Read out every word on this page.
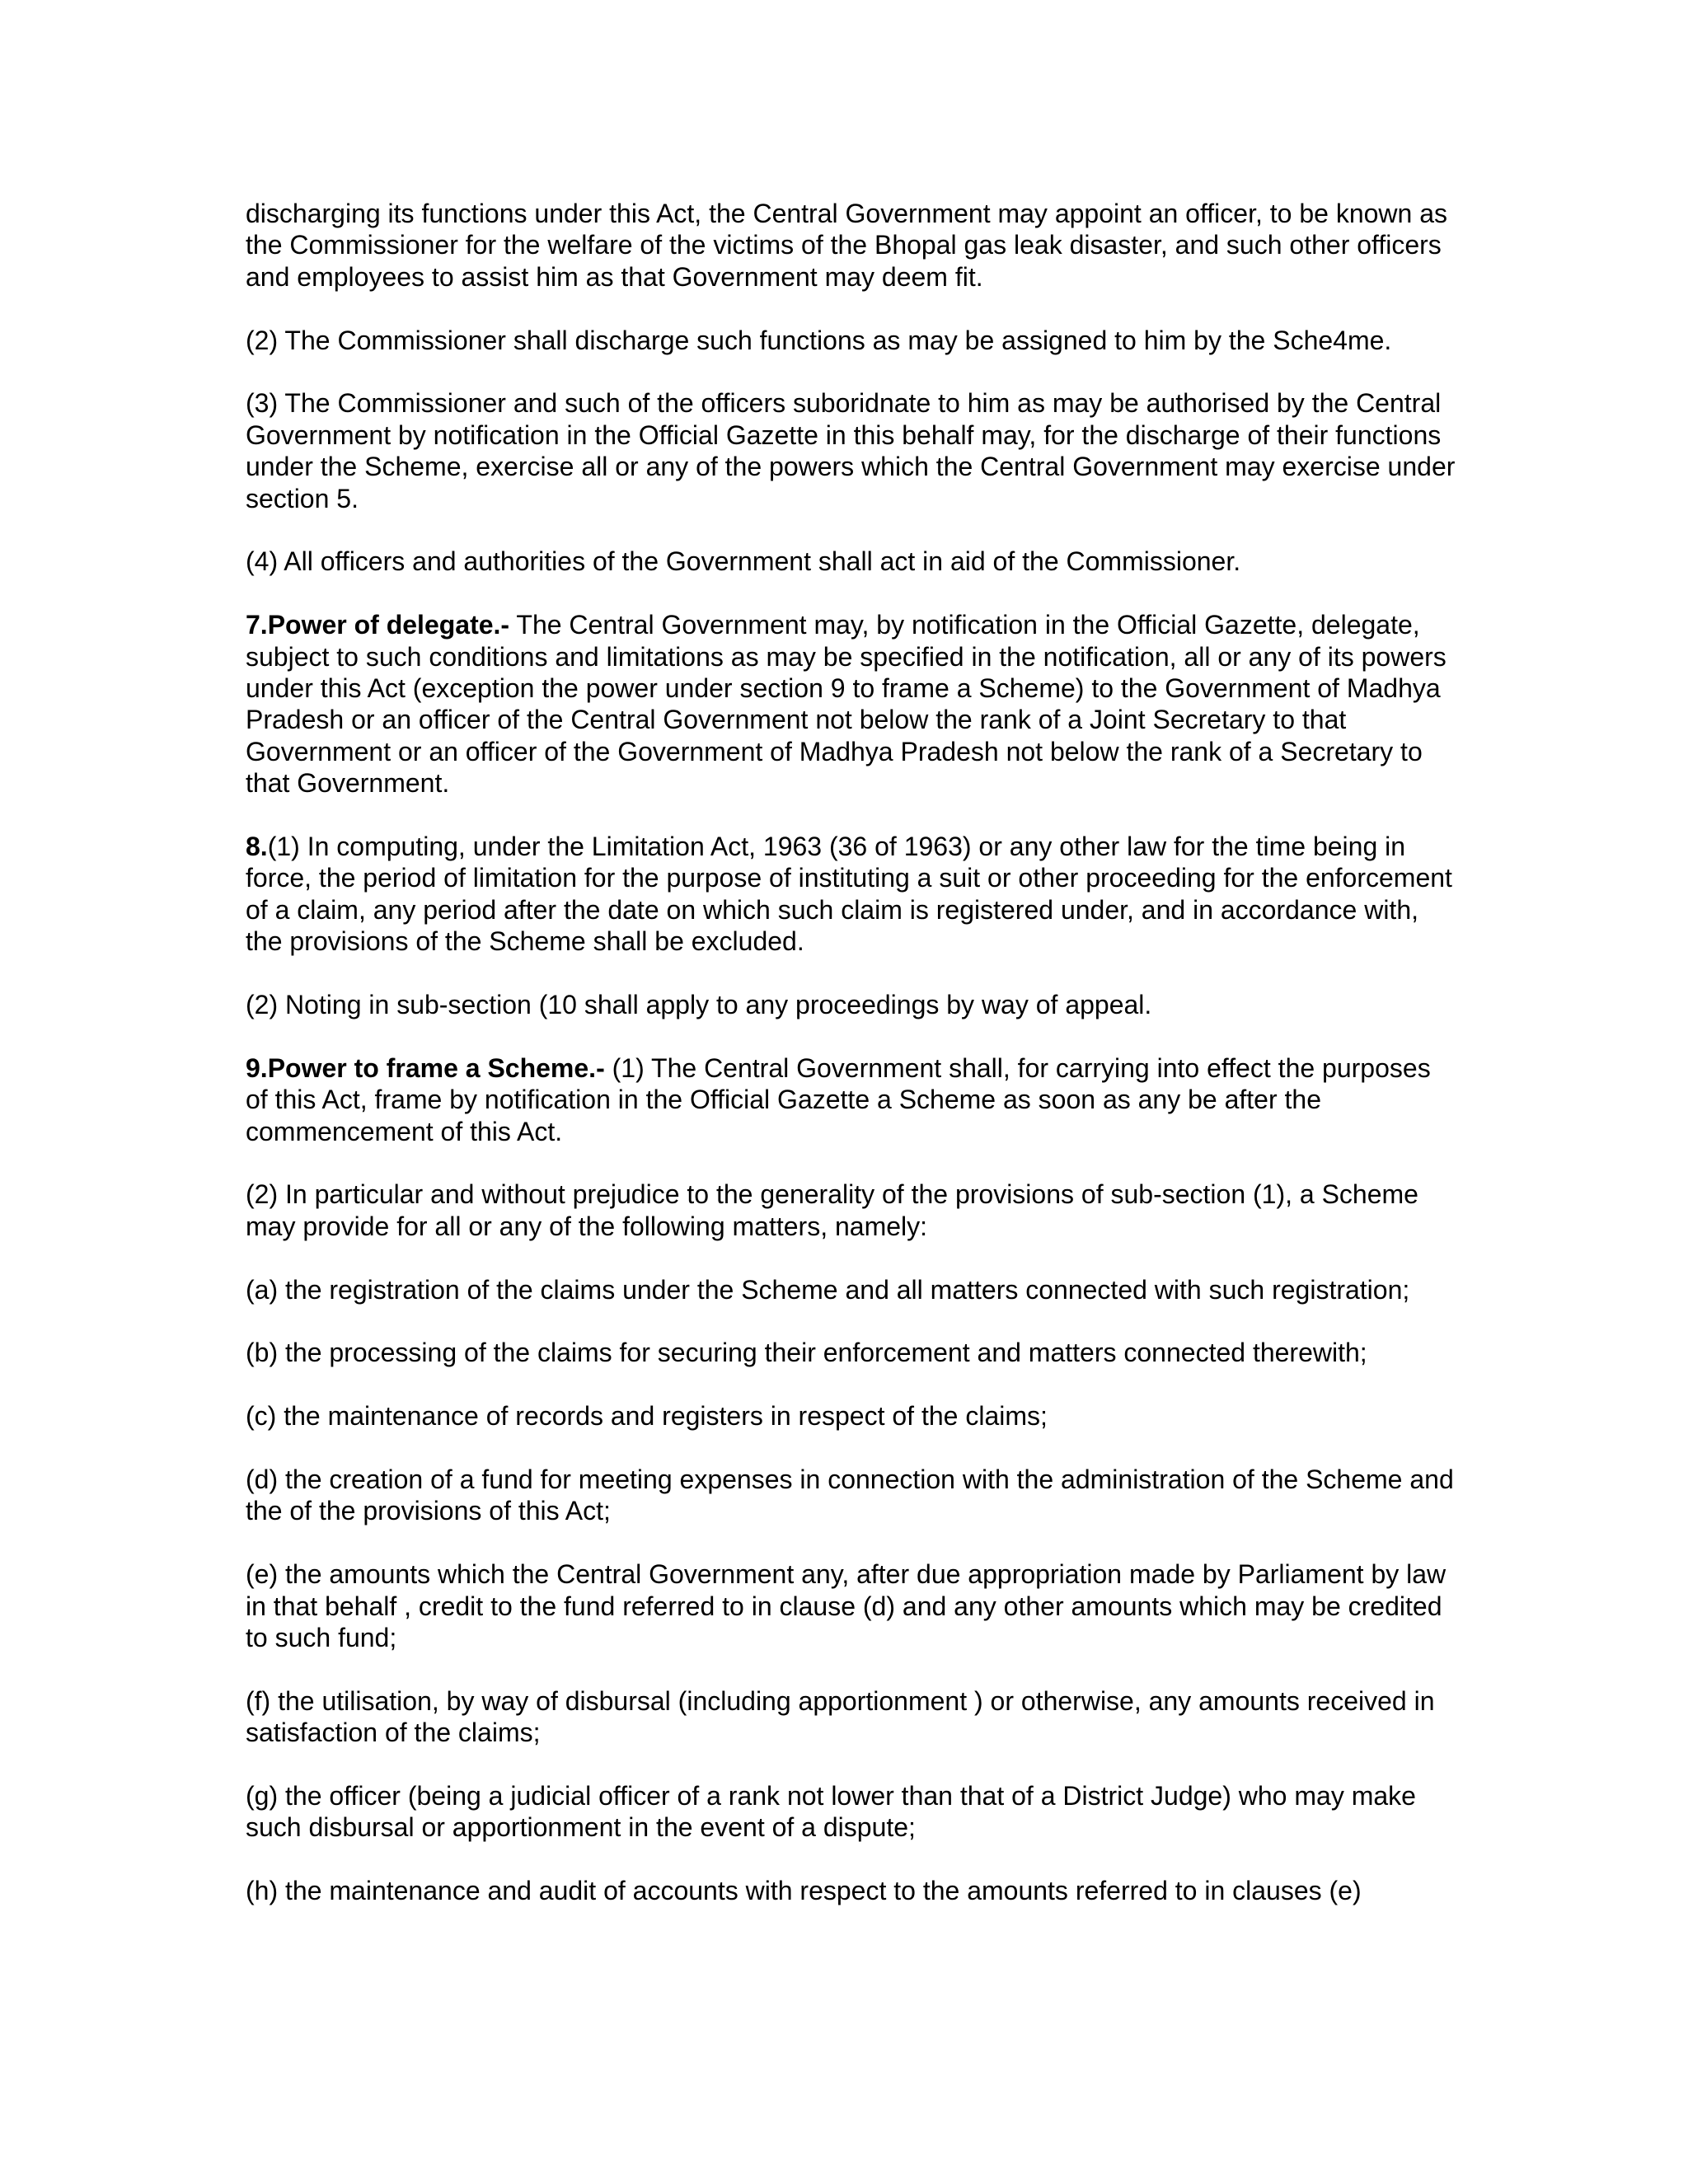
discharging its functions under this Act, the Central Government may appoint an officer, to be known as the Commissioner for the welfare of the victims of the Bhopal gas leak disaster, and such other officers and employees to assist him as that Government may deem fit.

(2) The Commissioner shall discharge such functions as may be assigned to him by the Sche4me.

(3) The Commissioner and such of the officers suboridnate to him as may be authorised by the Central Government by notification in the Official Gazette in this behalf may, for the discharge of their functions under the Scheme, exercise all or any of the powers which the Central Government may exercise under section 5.

(4) All officers and authorities of the Government shall act in aid of the Commissioner.

7.Power of delegate.- The Central Government may, by notification in the Official Gazette, delegate, subject to such conditions and limitations as may be specified in the notification, all or any of its powers under this Act (exception the power under section 9 to frame a Scheme) to the Government of Madhya Pradesh or an officer of the Central Government not below the rank of a Joint Secretary to that Government or an officer of the Government of Madhya Pradesh not below the rank of a Secretary to that Government.

8.(1) In computing, under the Limitation Act, 1963 (36 of 1963) or any other law for the time being in force, the period of limitation for the purpose of instituting a suit or other proceeding for the enforcement of a claim, any period after the date on which such claim is registered under, and in accordance with, the provisions of the Scheme shall be excluded.

(2) Noting in sub-section (10 shall apply to any proceedings by way of appeal.

9.Power to frame a Scheme.- (1) The Central Government shall, for carrying into effect the purposes of this Act, frame by notification in the Official Gazette a Scheme as soon as any be after the commencement of this Act.

(2) In particular and without prejudice to the generality of the provisions of sub-section (1), a Scheme may provide for all or any of the following matters, namely:

(a) the registration of the claims under the Scheme and all matters connected with such registration;

(b) the processing of the claims for securing their enforcement and matters connected therewith;

(c) the maintenance of records and registers in respect of the claims;

(d) the creation of a fund for meeting expenses in connection with the administration of the Scheme and the of the provisions of this Act;

(e) the amounts which the Central Government any, after due appropriation made by Parliament by law in that behalf , credit to the fund referred to in clause (d) and any other amounts which may be credited to such fund;

(f) the utilisation, by way of disbursal (including apportionment ) or otherwise, any amounts received in satisfaction of the claims;

(g) the officer (being a judicial officer of a rank not lower than that of a District Judge) who may make such disbursal or apportionment in the event of a dispute;

(h) the maintenance and audit of accounts with respect to the amounts referred to in clauses (e)
